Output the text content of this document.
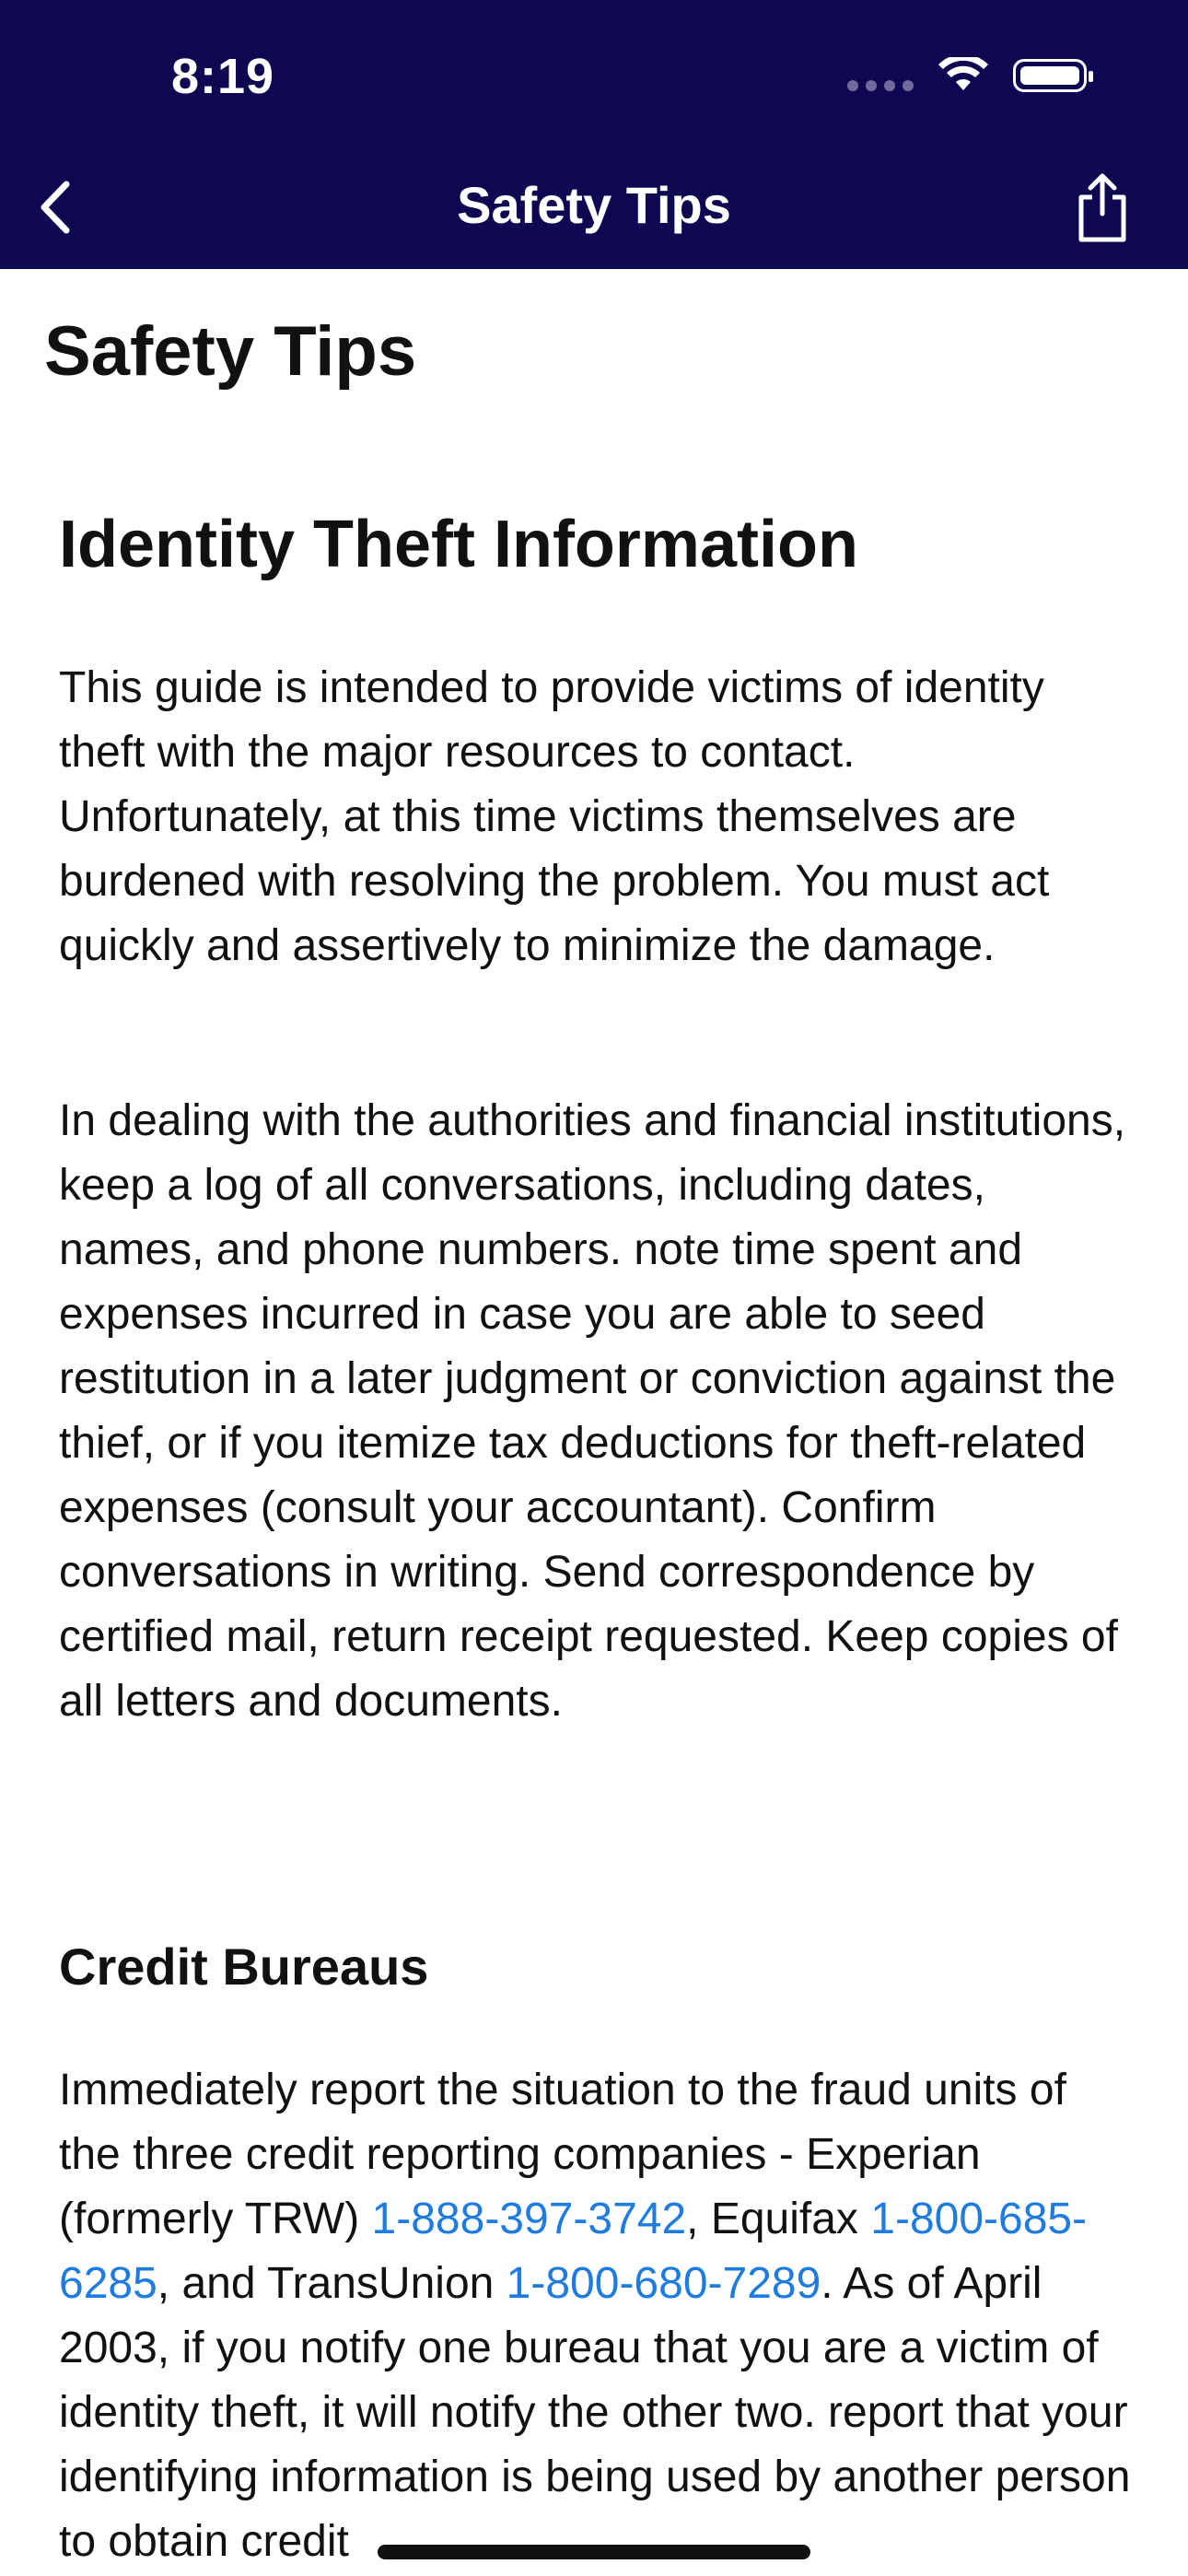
8:19
Safety Tips
Safety Tips
Identity Theft Information
This guide is intended to provide victims of identity theft with the major resources to contact. Unfortunately, at this time victims themselves are burdened with resolving the problem. You must act quickly and assertively to minimize the damage.
In dealing with the authorities and financial institutions, keep a log of all conversations, including dates, names, and phone numbers. note time spent and expenses incurred in case you are able to seed restitution in a later judgment or conviction against the thief, or if you itemize tax deductions for theft-related expenses (consult your accountant). Confirm conversations in writing. Send correspondence by certified mail, return receipt requested. Keep copies of all letters and documents.
Credit Bureaus
Immediately report the situation to the fraud units of the three credit reporting companies - Experian (formerly TRW) 1-888-397-3742, Equifax 1-800-685-6285, and TransUnion 1-800-680-7289. As of April 2003, if you notify one bureau that you are a victim of identity theft, it will notify the other two. report that your identifying information is being used by another person to obtain credit
